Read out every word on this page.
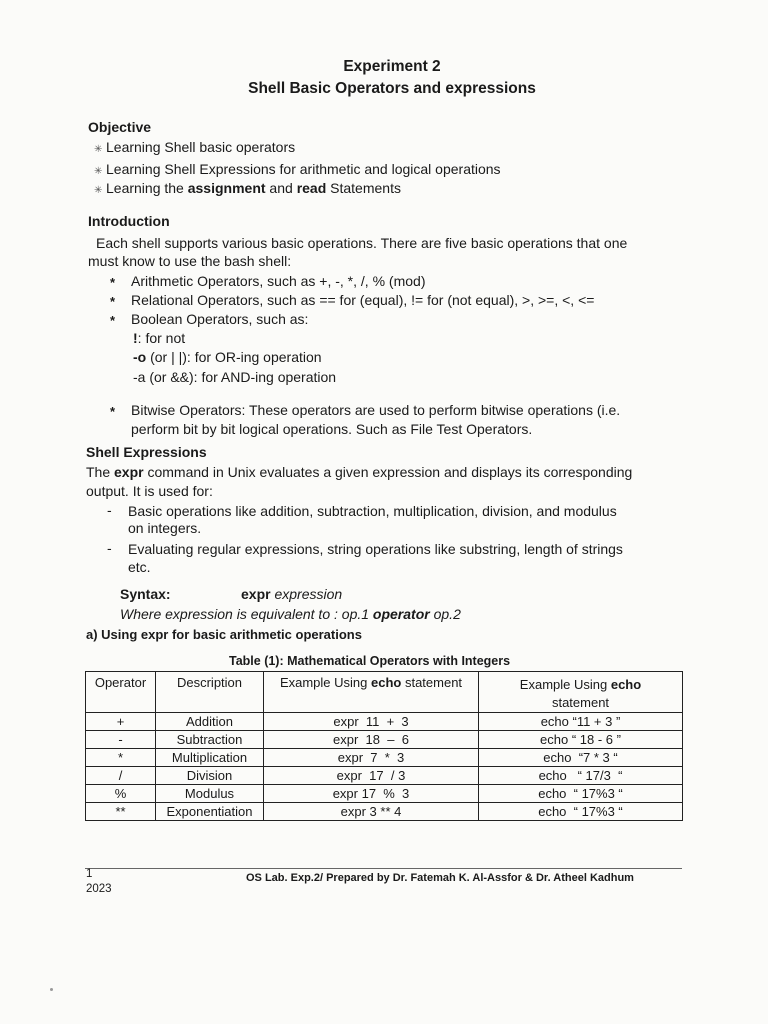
Experiment 2
Shell Basic Operators and expressions
Objective
✳ Learning Shell basic operators
✳ Learning Shell Expressions for arithmetic and logical operations
✳ Learning the assignment and read Statements
Introduction
Each shell supports various basic operations. There are five basic operations that one
must know to use the bash shell:
* Arithmetic Operators, such as +, -, *, /, % (mod)
* Relational Operators, such as == for (equal), != for (not equal), >, >=, <, <=
* Boolean Operators, such as:
!: for not
-o (or | |): for OR-ing operation
-a (or &&): for AND-ing operation
* Bitwise Operators: These operators are used to perform bitwise operations (i.e.
perform bit by bit logical operations. Such as File Test Operators.
Shell Expressions
The expr command in Unix evaluates a given expression and displays its corresponding
output. It is used for:
- Basic operations like addition, subtraction, multiplication, division, and modulus
on integers.
- Evaluating regular expressions, string operations like substring, length of strings
etc.
Syntax:	expr expression
Where expression is equivalent to : op.1 operator op.2
a) Using expr for basic arithmetic operations
Table (1): Mathematical Operators with Integers
Operator	Description	Example Using echo statement	Example Using echo
statement
+	Addition	expr  11  +  3	echo “11 + 3 ”
-	Subtraction	expr  18  –  6	echo “ 18 - 6 ”
*	Multiplication	expr  7  *  3	echo  “7 * 3 “
/	Division	expr  17  / 3	echo   “ 17/3  “
%	Modulus	expr 17  %  3	echo  “ 17%3 “
**	Exponentiation	expr 3 ** 4	echo  “ 17%3 “
1
2023
OS Lab. Exp.2/ Prepared by Dr. Fatemah K. Al-Assfor & Dr. Atheel Kadhum
